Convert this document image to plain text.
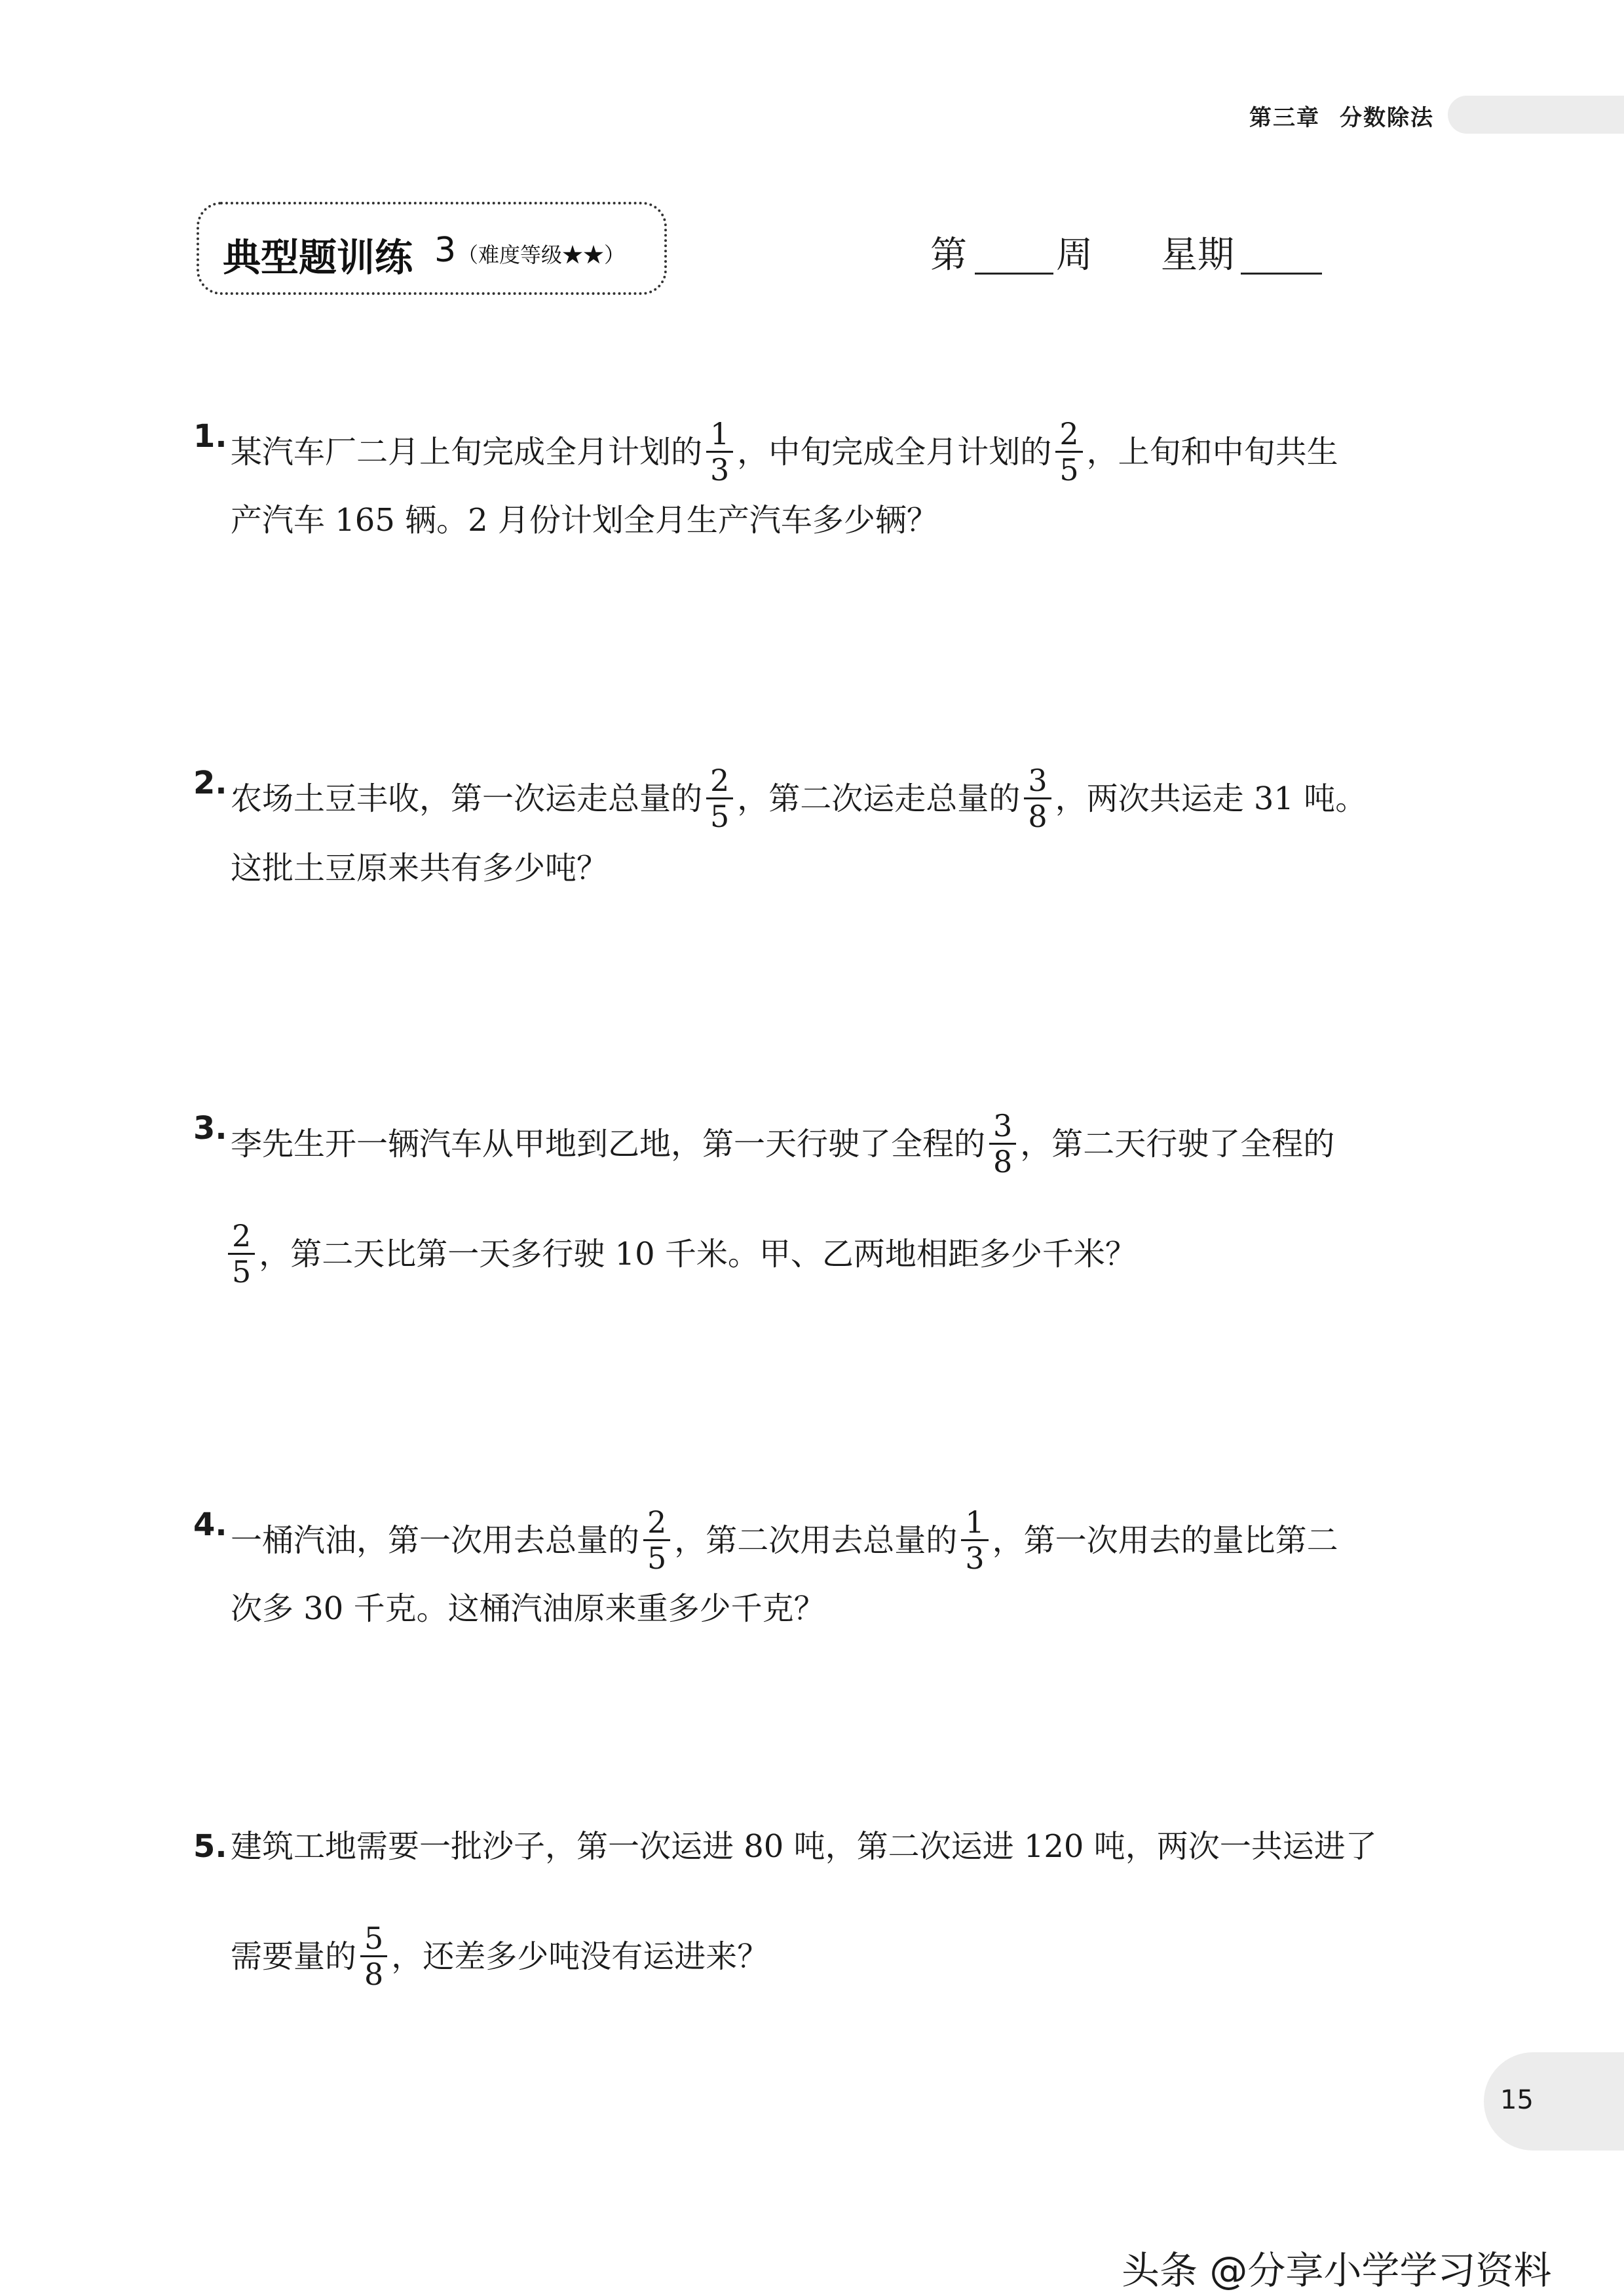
第三章 分数除法
典型题训练 3 （难度等级★★）	第 周 星期
1. 某汽车厂二月上旬完成全月计划的 $\frac{1}{3}$ ，中旬完成全月计划的 $\frac{2}{5}$ ，上旬和中旬共生
产汽车 165 辆。2 月份计划全月生产汽车多少辆？
2. 农场土豆丰收，第一次运走总量的 $\frac{2}{5}$ ，第二次运走总量的 $\frac{3}{8}$ ，两次共运走 31 吨。
这批土豆原来共有多少吨？
3. 李先生开一辆汽车从甲地到乙地，第一天行驶了全程的 $\frac{3}{8}$ ，第二天行驶了全程的
$\frac{2}{5}$ ，第二天比第一天多行驶 10 千米。甲、乙两地相距多少千米？
4. 一桶汽油，第一次用去总量的 $\frac{2}{5}$ ，第二次用去总量的 $\frac{1}{3}$ ，第一次用去的量比第二
次多 30 千克。这桶汽油原来重多少千克？
5. 建筑工地需要一批沙子，第一次运进 80 吨，第二次运进 120 吨，两次一共运进了
需要量的 $\frac{5}{8}$ ，还差多少吨没有运进来？
15
头条 @分享小学学习资料
